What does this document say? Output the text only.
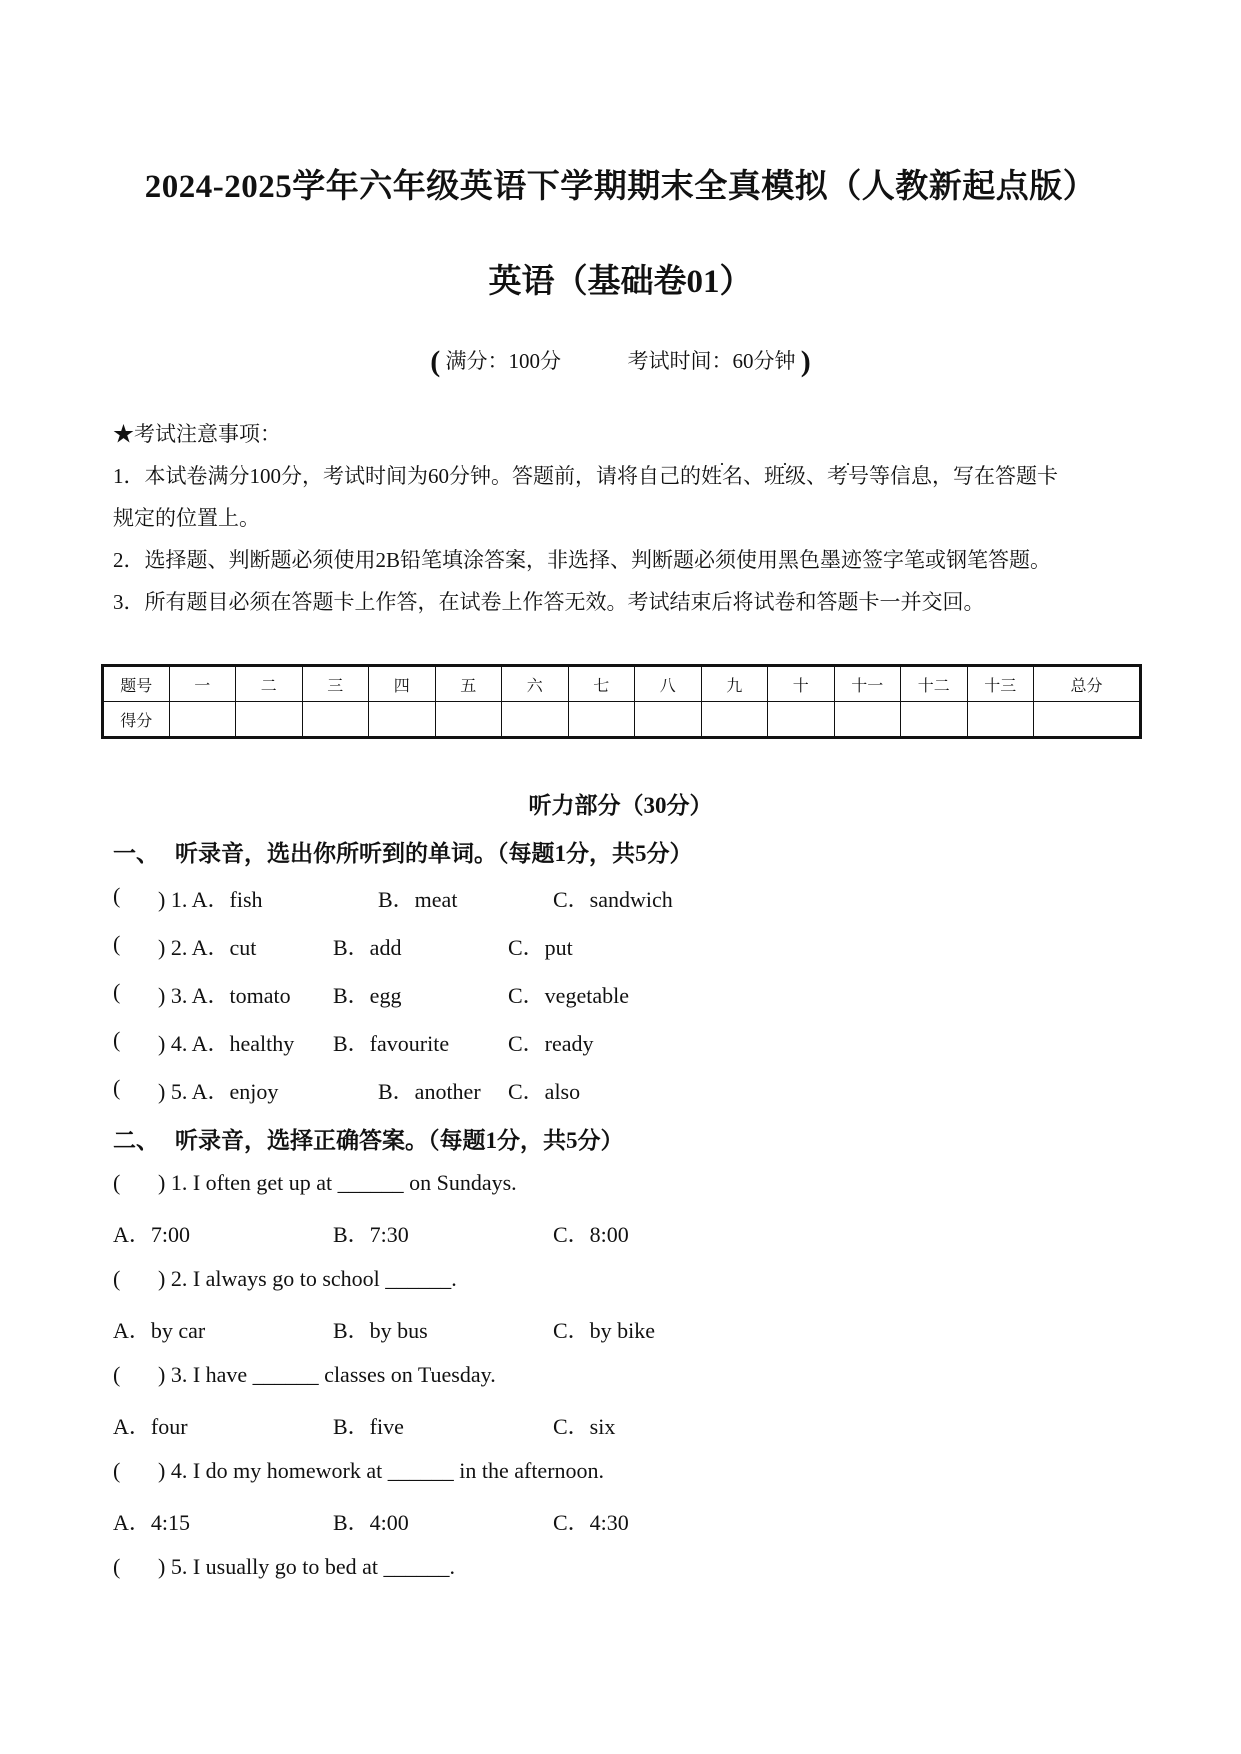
2024-2025学年六年级英语下学期期末全真模拟（人教新起点版）
英语（基础卷01）
( 满分：100分	考试时间：60分钟 )

★考试注意事项：

1．本试卷满分100分，考试时间为60分钟。答题前，请将自己的姓名、班级、考号等信息，写在答题卡

规定的位置上。

2．选择题、判断题必须使用2B铅笔填涂答案，非选择、判断题必须使用黑色墨迹签字笔或钢笔答题。

3．所有题目必须在答题卡上作答，在试卷上作答无效。考试结束后将试卷和答题卡一并交回。

题号	一	二	三	四	五	六	七	八	九	十	十一	十二	十三	总分
得分														
听力部分（30分）
一、 听录音，选出你所听到的单词。（每题1分，共5分）
( ) 1. A．fish	B．meat	C．sandwich
( ) 2. A．cut	B．add	C．put
( ) 3. A．tomato B．egg	C．vegetable
( ) 4. A．healthy B．favourite	C．ready
( ) 5. A．enjoy	B．another C．also
二、 听录音，选择正确答案。（每题1分，共5分）
( ) 1. I often get up at ______ on Sundays.
A．7:00	B．7:30	C．8:00
( ) 2. I always go to school ______.
A．by car	B．by bus	C．by bike
( ) 3. I have ______ classes on Tuesday.
A．four	B．five	C．six
( ) 4. I do my homework at ______ in the afternoon.
A．4:15	B．4:00	C．4:30
( ) 5. I usually go to bed at ______.
